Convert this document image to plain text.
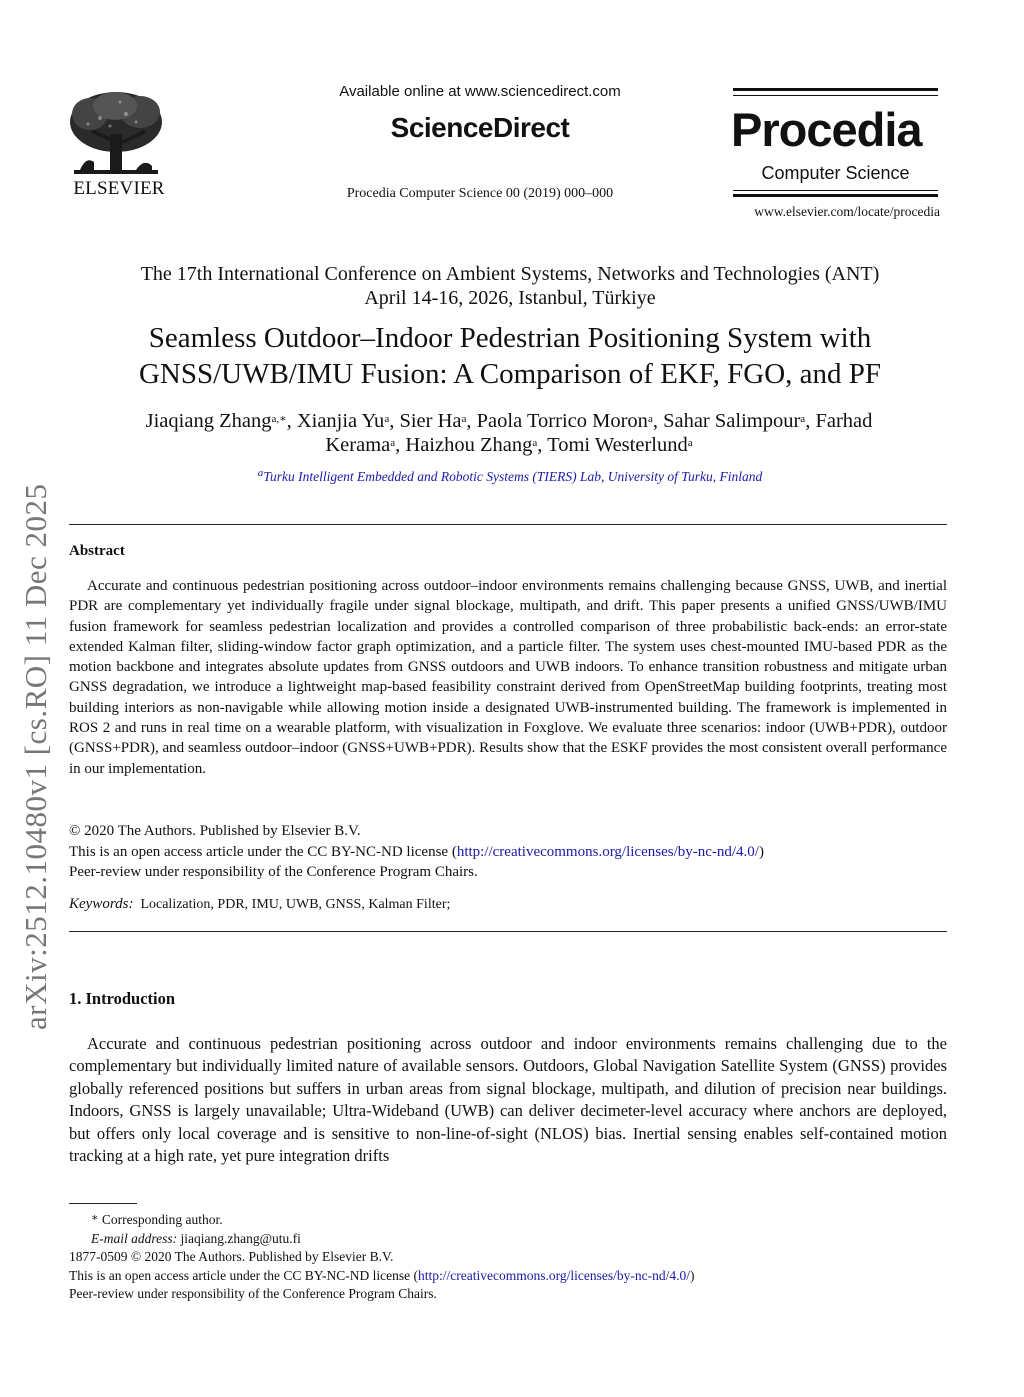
arXiv:2512.10480v1 [cs.RO] 11 Dec 2025
ELSEVIER
Available online at www.sciencedirect.com
ScienceDirect
Procedia Computer Science 00 (2019) 000–000
Procedia
Computer Science
www.elsevier.com/locate/procedia
The 17th International Conference on Ambient Systems, Networks and Technologies (ANT)
April 14-16, 2026, Istanbul, Türkiye
Seamless Outdoor–Indoor Pedestrian Positioning System with
GNSS/UWB/IMU Fusion: A Comparison of EKF, FGO, and PF
Jiaqiang Zhang$^{a,∗}$, Xianjia Yu$^a$, Sier Ha$^a$, Paola Torrico Moron$^a$, Sahar Salimpour$^a$, Farhad
Kerama$^a$, Haizhou Zhang$^a$, Tomi Westerlund$^a$
$^a$Turku Intelligent Embedded and Robotic Systems (TIERS) Lab, University of Turku, Finland
Abstract
Accurate and continuous pedestrian positioning across outdoor–indoor environments remains challenging because GNSS, UWB, and inertial PDR are complementary yet individually fragile under signal blockage, multipath, and drift. This paper presents a unified GNSS/UWB/IMU fusion framework for seamless pedestrian localization and provides a controlled comparison of three probabilistic back-ends: an error-state extended Kalman filter, sliding-window factor graph optimization, and a particle filter. The system uses chest-mounted IMU-based PDR as the motion backbone and integrates absolute updates from GNSS outdoors and UWB indoors. To enhance transition robustness and mitigate urban GNSS degradation, we introduce a lightweight map-based feasibility constraint derived from OpenStreetMap building footprints, treating most building interiors as non-navigable while allowing motion inside a designated UWB-instrumented building. The framework is implemented in ROS 2 and runs in real time on a wearable platform, with visualization in Foxglove. We evaluate three scenarios: indoor (UWB+PDR), outdoor (GNSS+PDR), and seamless outdoor–indoor (GNSS+UWB+PDR). Results show that the ESKF provides the most consistent overall performance in our implementation.
© 2020 The Authors. Published by Elsevier B.V.
This is an open access article under the CC BY-NC-ND license (http://creativecommons.org/licenses/by-nc-nd/4.0/)
Peer-review under responsibility of the Conference Program Chairs.
Keywords: Localization, PDR, IMU, UWB, GNSS, Kalman Filter;
1. Introduction
Accurate and continuous pedestrian positioning across outdoor and indoor environments remains challenging due to the complementary but individually limited nature of available sensors. Outdoors, Global Navigation Satellite System (GNSS) provides globally referenced positions but suffers in urban areas from signal blockage, multipath, and dilution of precision near buildings. Indoors, GNSS is largely unavailable; Ultra-Wideband (UWB) can deliver decimeter-level accuracy where anchors are deployed, but offers only local coverage and is sensitive to non-line-of-sight (NLOS) bias. Inertial sensing enables self-contained motion tracking at a high rate, yet pure integration drifts
∗ Corresponding author.
E-mail address: jiaqiang.zhang@utu.fi
1877-0509 © 2020 The Authors. Published by Elsevier B.V.
This is an open access article under the CC BY-NC-ND license (http://creativecommons.org/licenses/by-nc-nd/4.0/)
Peer-review under responsibility of the Conference Program Chairs.
